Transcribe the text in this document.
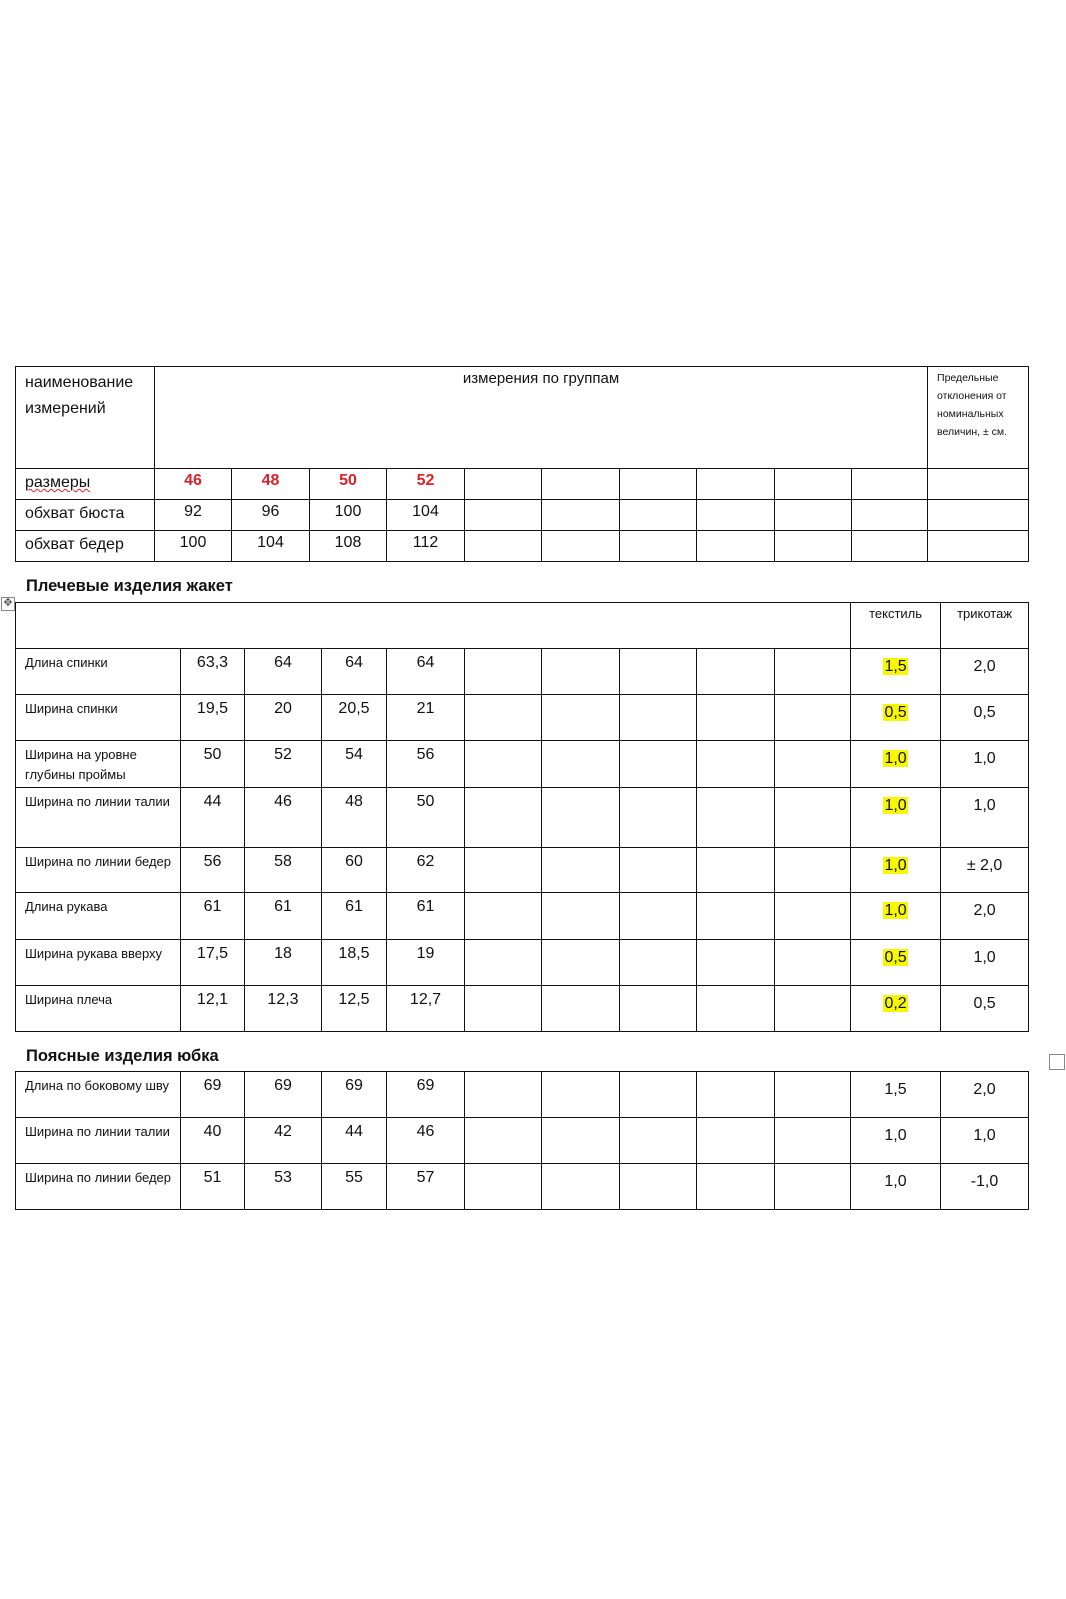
наименование измерений	измерения по группам										Предельные отклонения от номинальных величин, ± см.

размеры	46	48	50	52							

обхват бюста	92	96	100	104							

обхват бедер	100	104	108	112							

✥
Плечевые изделия жакет

										текстиль	трикотаж

Длина спинки	63,3	64	64	64						1,5	2,0

Ширина спинки	19,5	20	20,5	21						0,5	0,5

Ширина на уровне глубины проймы	50	52	54	56						1,0	1,0

Ширина по линии талии	44	46	48	50						1,0	1,0

Ширина по линии бедер	56	58	60	62						1,0	± 2,0

Длина рукава	61	61	61	61						1,0	2,0

Ширина рукава вверху	17,5	18	18,5	19						0,5	1,0

Ширина плеча	12,1	12,3	12,5	12,7						0,2	0,5
Поясные изделия юбка
Длина по боковому шву	69	69	69	69						1,5	2,0

Ширина по линии талии	40	42	44	46						1,0	1,0

Ширина по линии бедер	51	53	55	57						1,0	-1,0
